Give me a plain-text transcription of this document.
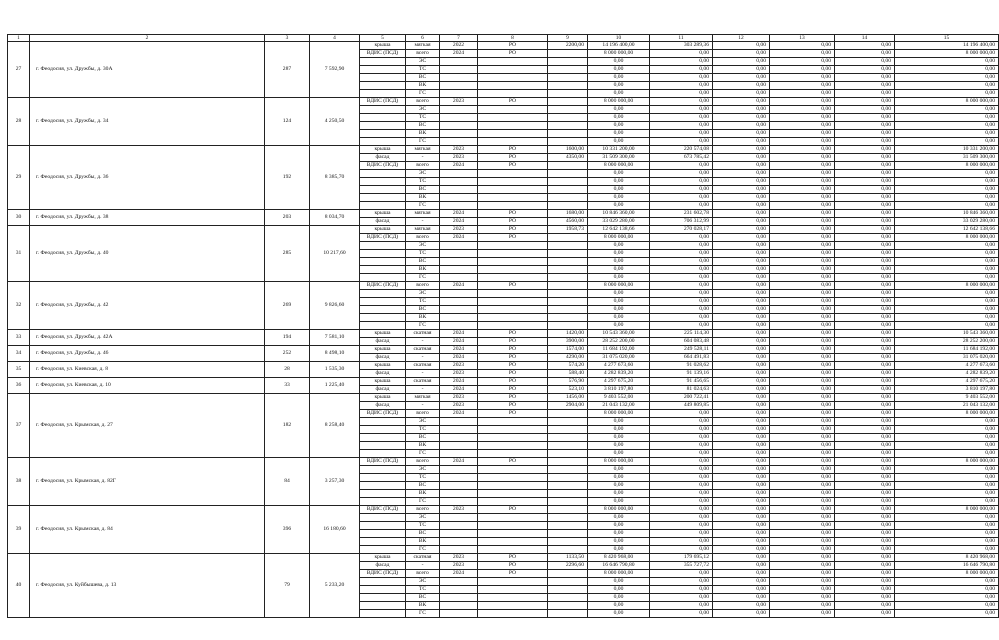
1	2	3	4	5	6	7	8	9	10	11	12	13	14	15
27	г. Феодосия, ул. Дружбы, д. 30А	287	7 592,90	крыша	мягкая	2022	РО	2200,00	14 196 400,00	303 289,36	0,00	0,00	0,00	14 196 400,00
				ВДИС (ПСД)	всего	2024	РО		8 000 000,00	0,00	0,00	0,00	0,00	8 000 000,00
					ЭС				0,00	0,00	0,00	0,00	0,00	0,00
					ТС				0,00	0,00	0,00	0,00	0,00	0,00
					ВС				0,00	0,00	0,00	0,00	0,00	0,00
					ВК				0,00	0,00	0,00	0,00	0,00	0,00
					ГС				0,00	0,00	0,00	0,00	0,00	0,00
28	г. Феодосия, ул. Дружбы, д. 34	124	4 250,50	ВДИС (ПСД)	всего	2023	РО		8 000 000,00	0,00	0,00	0,00	0,00	8 000 000,00
					ЭС				0,00	0,00	0,00	0,00	0,00	0,00
					ТС				0,00	0,00	0,00	0,00	0,00	0,00
					ВС				0,00	0,00	0,00	0,00	0,00	0,00
					ВК				0,00	0,00	0,00	0,00	0,00	0,00
					ГС				0,00	0,00	0,00	0,00	0,00	0,00
29	г. Феодосия, ул. Дружбы, д. 36	192	8 385,70	крыша	мягкая	2023	РО	1600,00	10 331 200,00	220 574,08	0,00	0,00	0,00	10 331 200,00
				фасад	-	2023	РО	4350,00	31 509 300,00	673 785,42	0,00	0,00	0,00	31 509 300,00
				ВДИС (ПСД)	всего	2024	РО		8 000 000,00	0,00	0,00	0,00	0,00	8 000 000,00
					ЭС				0,00	0,00	0,00	0,00	0,00	0,00
					ТС				0,00	0,00	0,00	0,00	0,00	0,00
					ВС				0,00	0,00	0,00	0,00	0,00	0,00
					ВК				0,00	0,00	0,00	0,00	0,00	0,00
					ГС				0,00	0,00	0,00	0,00	0,00	0,00
30	г. Феодосия, ул. Дружбы, д. 38	203	8 034,70	крыша	мягкая	2024	РО	1680,00	10 846 360,00	231 602,78	0,00	0,00	0,00	10 846 360,00
				фасад	-	2024	РО	4560,00	33 029 280,00	706 312,99	0,00	0,00	0,00	33 029 280,00
31	г. Феодосия, ул. Дружбы, д. 40	285	10 217,60	крыша	мягкая	2023	РО	1958,73	12 642 138,66	270 028,17	0,00	0,00	0,00	12 642 138,66
				ВДИС (ПСД)	всего	2024	РО		8 000 000,00	0,00	0,00	0,00	0,00	8 000 000,00
					ЭС				0,00	0,00	0,00	0,00	0,00	0,00
					ТС				0,00	0,00	0,00	0,00	0,00	0,00
					ВС				0,00	0,00	0,00	0,00	0,00	0,00
					ВК				0,00	0,00	0,00	0,00	0,00	0,00
					ГС				0,00	0,00	0,00	0,00	0,00	0,00
32	г. Феодосия, ул. Дружбы, д. 42	269	9 826,60	ВДИС (ПСД)	всего	2024	РО		8 000 000,00	0,00	0,00	0,00	0,00	8 000 000,00
					ЭС				0,00	0,00	0,00	0,00	0,00	0,00
					ТС				0,00	0,00	0,00	0,00	0,00	0,00
					ВС				0,00	0,00	0,00	0,00	0,00	0,00
					ВК				0,00	0,00	0,00	0,00	0,00	0,00
					ГС				0,00	0,00	0,00	0,00	0,00	0,00
33	г. Феодосия, ул. Дружбы, д. 42А	194	7 581,10	крыша	скатная	2024	РО	1420,00	10 543 360,00	225 114,30	0,00	0,00	0,00	10 543 360,00
				фасад	-	2024	РО	3900,00	28 252 200,00	604 083,48	0,00	0,00	0,00	28 252 200,00
34	г. Феодосия, ул. Дружбы, д. 46	252	8 498,10	крыша	скатная	2024	РО	1574,00	11 684 192,00	249 528,11	0,00	0,00	0,00	11 684 192,00
				фасад	-	2024	РО	4290,00	31 075 020,00	664 491,83	0,00	0,00	0,00	31 075 020,00
35	г. Феодосия, ул. Киевская, д. 8	28	1 535,30	крыша	скатная	2023	РО	574,20	4 277 673,60	91 028,62	0,00	0,00	0,00	4 277 673,60
				фасад	-	2023	РО	588,40	4 282 839,20	91 139,16	0,00	0,00	0,00	4 282 839,20
36	г. Феодосия, ул. Киевская, д. 10	33	1 225,40	крыша	скатная	2024	РО	576,90	4 297 675,20	91 456,65	0,00	0,00	0,00	4 297 675,20
				фасад	-	2024	РО	523,10	3 810 197,80	81 024,63	0,00	0,00	0,00	3 810 197,80
37	г. Феодосия, ул. Крымская, д. 27	182	8 258,40	крыша	мягкая	2023	РО	1456,00	9 403 552,00	200 722,41	0,00	0,00	0,00	9 403 552,00
				фасад	-	2023	РО	2904,00	21 043 132,00	449 809,85	0,00	0,00	0,00	21 043 132,00
				ВДИС (ПСД)	всего	2024	РО		8 000 000,00	0,00	0,00	0,00	0,00	8 000 000,00
					ЭС				0,00	0,00	0,00	0,00	0,00	0,00
					ТС				0,00	0,00	0,00	0,00	0,00	0,00
					ВС				0,00	0,00	0,00	0,00	0,00	0,00
					ВК				0,00	0,00	0,00	0,00	0,00	0,00
					ГС				0,00	0,00	0,00	0,00	0,00	0,00
38	г. Феодосия, ул. Крымская, д. 82Г	84	3 257,30	ВДИС (ПСД)	всего	2024	РО		8 000 000,00	0,00	0,00	0,00	0,00	8 000 000,00
					ЭС				0,00	0,00	0,00	0,00	0,00	0,00
					ТС				0,00	0,00	0,00	0,00	0,00	0,00
					ВС				0,00	0,00	0,00	0,00	0,00	0,00
					ВК				0,00	0,00	0,00	0,00	0,00	0,00
					ГС				0,00	0,00	0,00	0,00	0,00	0,00
39	г. Феодосия, ул. Крымская, д. 84	396	16 180,60	ВДИС (ПСД)	всего	2023	РО		8 000 000,00	0,00	0,00	0,00	0,00	8 000 000,00
					ЭС				0,00	0,00	0,00	0,00	0,00	0,00
					ТС				0,00	0,00	0,00	0,00	0,00	0,00
					ВС				0,00	0,00	0,00	0,00	0,00	0,00
					ВК				0,00	0,00	0,00	0,00	0,00	0,00
					ГС				0,00	0,00	0,00	0,00	0,00	0,00
40	г. Феодосия, ул. Куйбышева, д. 13	79	5 233,20	крыша	скатная	2023	РО	1133,50	8 420 968,00	179 695,12	0,00	0,00	0,00	8 420 968,00
				фасад	-	2023	РО	2296,60	16 646 790,80	355 727,72	0,00	0,00	0,00	16 646 790,80
				ВДИС (ПСД)	всего	2024	РО		8 000 000,00	0,00	0,00	0,00	0,00	8 000 000,00
					ЭС				0,00	0,00	0,00	0,00	0,00	0,00
					ТС				0,00	0,00	0,00	0,00	0,00	0,00
					ВС				0,00	0,00	0,00	0,00	0,00	0,00
					ВК				0,00	0,00	0,00	0,00	0,00	0,00
					ГС				0,00	0,00	0,00	0,00	0,00	0,00
